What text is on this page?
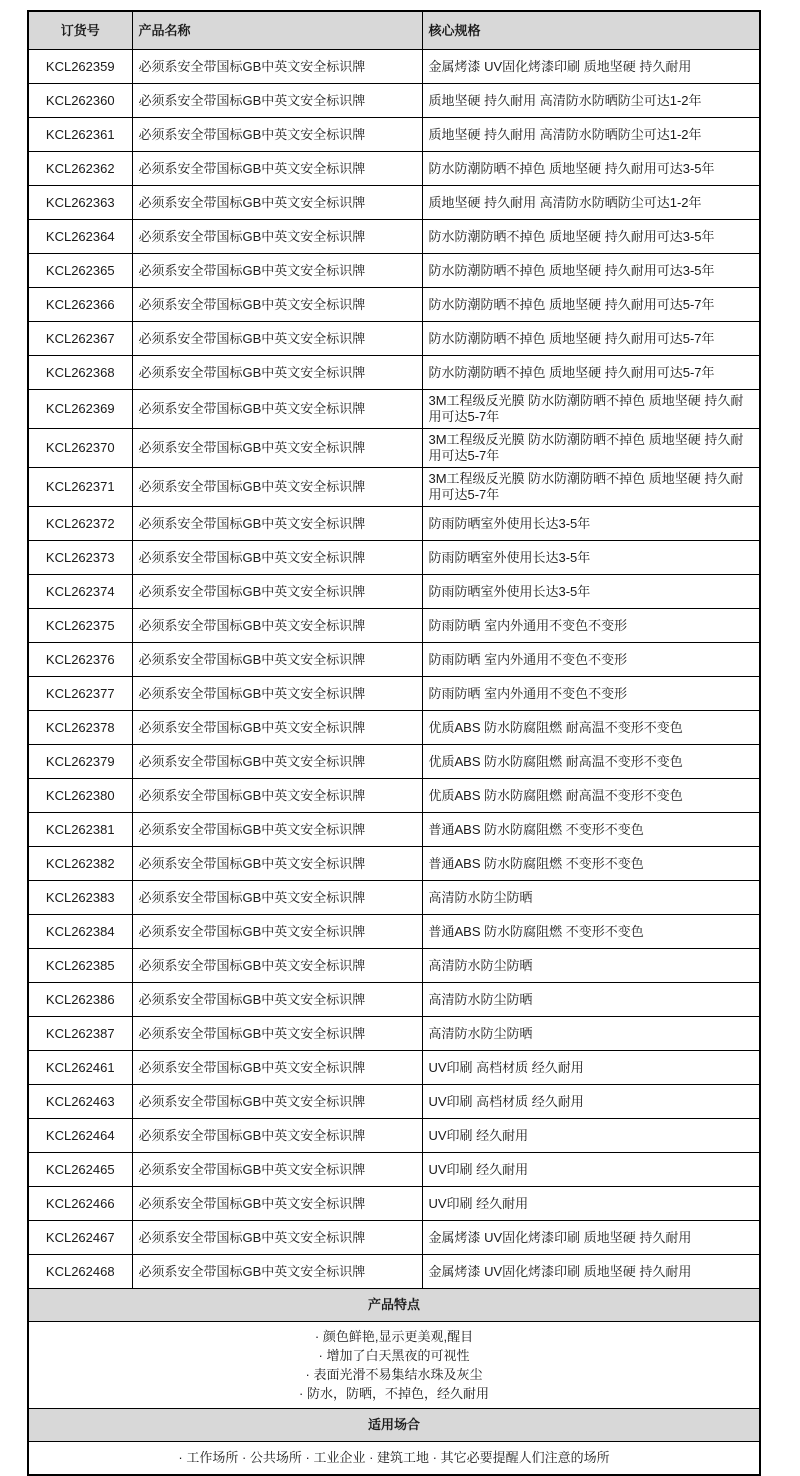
订货号	产品名称	核心规格
KCL262359	必须系安全带国标GB中英文安全标识牌	金属烤漆 UV固化烤漆印刷 质地坚硬 持久耐用
KCL262360	必须系安全带国标GB中英文安全标识牌	质地坚硬 持久耐用 高清防水防晒防尘可达1-2年
KCL262361	必须系安全带国标GB中英文安全标识牌	质地坚硬 持久耐用 高清防水防晒防尘可达1-2年
KCL262362	必须系安全带国标GB中英文安全标识牌	防水防潮防晒不掉色 质地坚硬 持久耐用可达3-5年
KCL262363	必须系安全带国标GB中英文安全标识牌	质地坚硬 持久耐用 高清防水防晒防尘可达1-2年
KCL262364	必须系安全带国标GB中英文安全标识牌	防水防潮防晒不掉色 质地坚硬 持久耐用可达3-5年
KCL262365	必须系安全带国标GB中英文安全标识牌	防水防潮防晒不掉色 质地坚硬 持久耐用可达3-5年
KCL262366	必须系安全带国标GB中英文安全标识牌	防水防潮防晒不掉色 质地坚硬 持久耐用可达5-7年
KCL262367	必须系安全带国标GB中英文安全标识牌	防水防潮防晒不掉色 质地坚硬 持久耐用可达5-7年
KCL262368	必须系安全带国标GB中英文安全标识牌	防水防潮防晒不掉色 质地坚硬 持久耐用可达5-7年
KCL262369	必须系安全带国标GB中英文安全标识牌	3M工程级反光膜 防水防潮防晒不掉色 质地坚硬 持久耐用可达5-7年
KCL262370	必须系安全带国标GB中英文安全标识牌	3M工程级反光膜 防水防潮防晒不掉色 质地坚硬 持久耐用可达5-7年
KCL262371	必须系安全带国标GB中英文安全标识牌	3M工程级反光膜 防水防潮防晒不掉色 质地坚硬 持久耐用可达5-7年
KCL262372	必须系安全带国标GB中英文安全标识牌	防雨防晒室外使用长达3-5年
KCL262373	必须系安全带国标GB中英文安全标识牌	防雨防晒室外使用长达3-5年
KCL262374	必须系安全带国标GB中英文安全标识牌	防雨防晒室外使用长达3-5年
KCL262375	必须系安全带国标GB中英文安全标识牌	防雨防晒 室内外通用不变色不变形
KCL262376	必须系安全带国标GB中英文安全标识牌	防雨防晒 室内外通用不变色不变形
KCL262377	必须系安全带国标GB中英文安全标识牌	防雨防晒 室内外通用不变色不变形
KCL262378	必须系安全带国标GB中英文安全标识牌	优质ABS 防水防腐阻燃 耐高温不变形不变色
KCL262379	必须系安全带国标GB中英文安全标识牌	优质ABS 防水防腐阻燃 耐高温不变形不变色
KCL262380	必须系安全带国标GB中英文安全标识牌	优质ABS 防水防腐阻燃 耐高温不变形不变色
KCL262381	必须系安全带国标GB中英文安全标识牌	普通ABS 防水防腐阻燃 不变形不变色
KCL262382	必须系安全带国标GB中英文安全标识牌	普通ABS 防水防腐阻燃 不变形不变色
KCL262383	必须系安全带国标GB中英文安全标识牌	高清防水防尘防晒
KCL262384	必须系安全带国标GB中英文安全标识牌	普通ABS 防水防腐阻燃 不变形不变色
KCL262385	必须系安全带国标GB中英文安全标识牌	高清防水防尘防晒
KCL262386	必须系安全带国标GB中英文安全标识牌	高清防水防尘防晒
KCL262387	必须系安全带国标GB中英文安全标识牌	高清防水防尘防晒
KCL262461	必须系安全带国标GB中英文安全标识牌	UV印刷 高档材质 经久耐用
KCL262463	必须系安全带国标GB中英文安全标识牌	UV印刷 高档材质 经久耐用
KCL262464	必须系安全带国标GB中英文安全标识牌	UV印刷 经久耐用
KCL262465	必须系安全带国标GB中英文安全标识牌	UV印刷 经久耐用
KCL262466	必须系安全带国标GB中英文安全标识牌	UV印刷 经久耐用
KCL262467	必须系安全带国标GB中英文安全标识牌	金属烤漆 UV固化烤漆印刷 质地坚硬 持久耐用
KCL262468	必须系安全带国标GB中英文安全标识牌	金属烤漆 UV固化烤漆印刷 质地坚硬 持久耐用
产品特点		

· 颜色鲜艳,显示更美观,醒目
· 增加了白天黑夜的可视性
· 表面光滑不易集结水珠及灰尘
· 防水，防晒，不掉色，经久耐用		

适用场合		
· 工作场所 · 公共场所 · 工业企业 · 建筑工地 · 其它必要提醒人们注意的场所		
